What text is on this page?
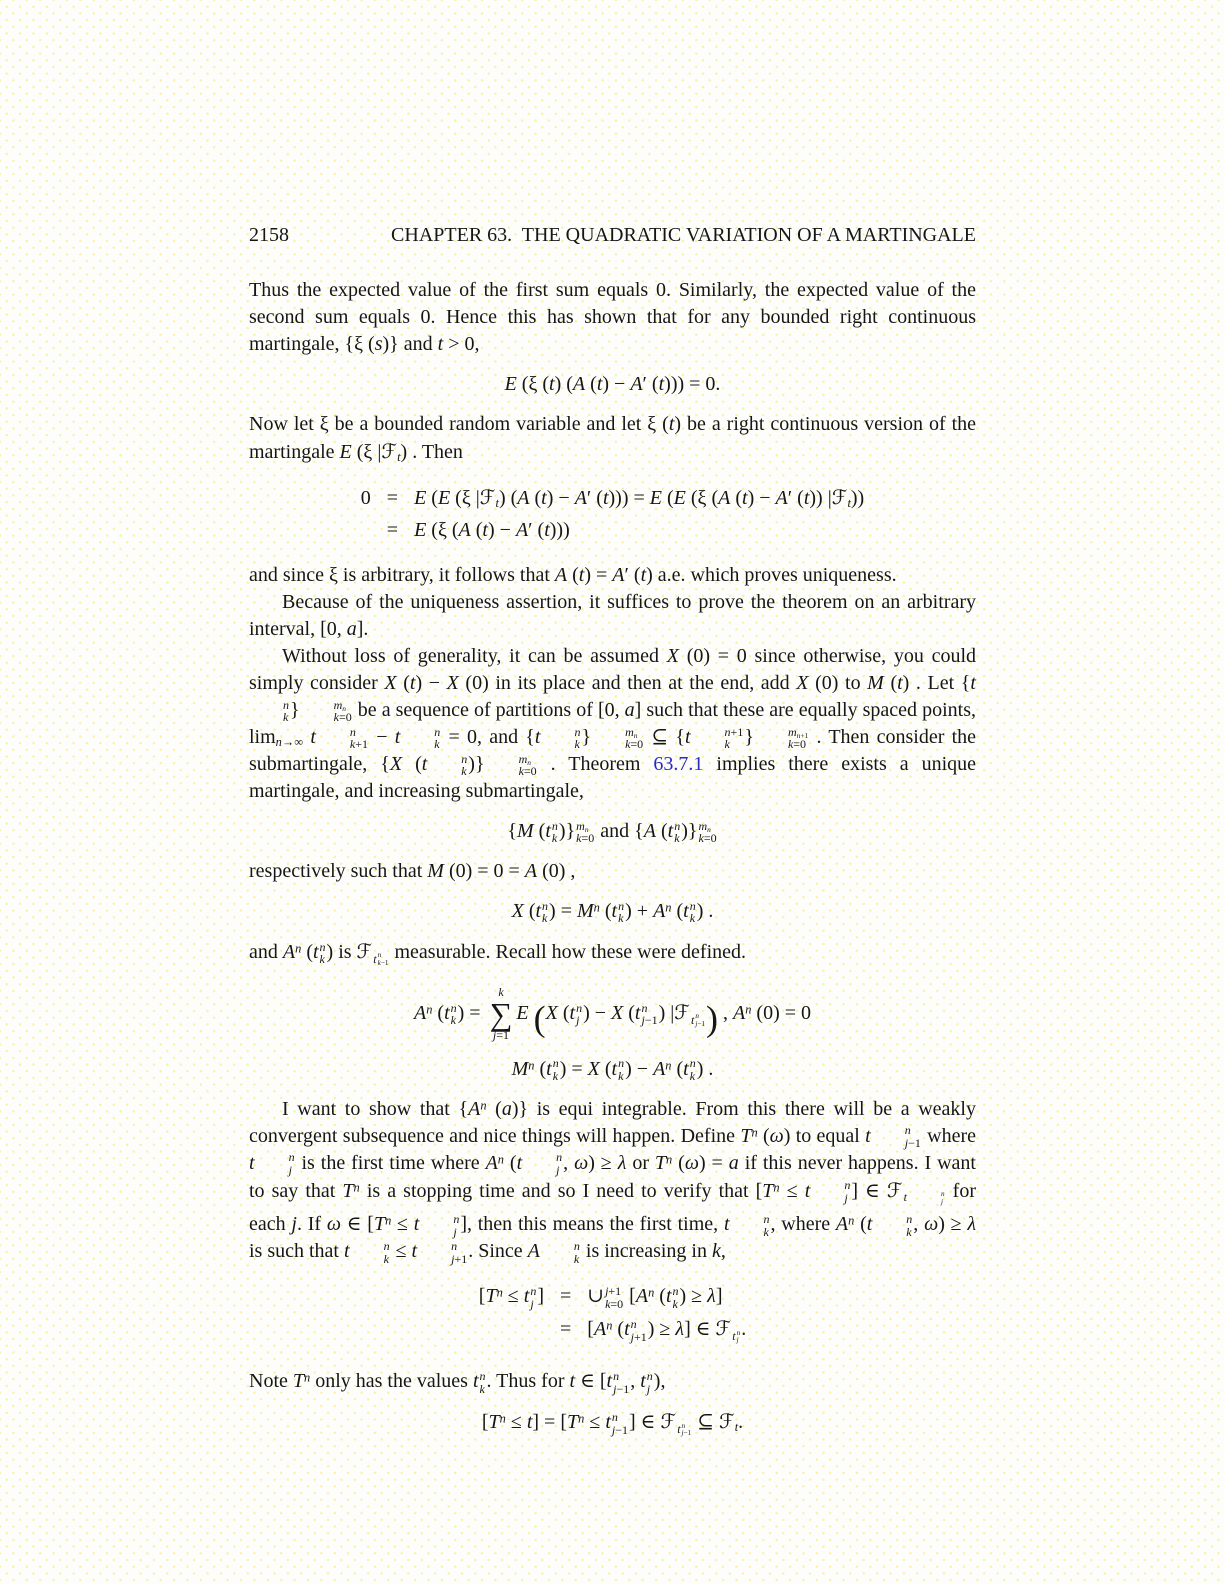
2158	CHAPTER 63.  THE QUADRATIC VARIATION OF A MARTINGALE
Thus the expected value of the first sum equals 0. Similarly, the expected value of the second sum equals 0. Hence this has shown that for any bounded right continuous martingale, {ξ (s)} and t > 0,
E (ξ (t) (A (t) − A′ (t))) = 0.
Now let ξ be a bounded random variable and let ξ (t) be a right continuous version of the martingale E (ξ |ℱ$_t$) . Then
0	=	E (E (ξ |ℱ$_t$) (A (t) − A′ (t))) = E (E (ξ (A (t) − A′ (t)) |ℱ$_t$))
	=	E (ξ (A (t) − A′ (t)))
and since ξ is arbitrary, it follows that A (t) = A′ (t) a.e. which proves uniqueness.
Because of the uniqueness assertion, it suffices to prove the theorem on an arbitrary interval, [0, a].
Without loss of generality, it can be assumed X (0) = 0 since otherwise, you could simply consider X (t) − X (0) in its place and then at the end, add X (0) to M (t) . Let {t
n
k }	$m_n$
k=0 be a sequence of partitions of [0, a] such that these are equally spaced points, $\lim_{n\to\infty} t$	n
k+1 − t	n
k = 0, and {t	n
k }	$m_n$
k=0 ⊆ {t	n+1
k }	$m_{n+1}$
k=0 . Then consider the submartingale, {X (t	n
k )}	$m_n$
k=0 . Theorem 63.7.1 implies there exists a unique martingale, and increasing submartingale,
{M (t n
k )} $m_n$
k=0 and {A (t n
k )} $m_n$
k=0
respectively such that M (0) = 0 = A (0) ,
X (t n
k ) = $M^n$ (t n
k ) + $A^n$ (t n
k ) .
and $A^n$ (t n
k ) is ℱ$_{t n k-1}$
measurable. Recall how these were defined.
$A^n$ (t n
k ) =
k
∑
j=1
E (X (t n
j ) − X (t n
j−1 ) |ℱ$_{t n j-1}$ ) , $A^n$ (0) = 0
$M^n$ (t n
k ) = X (t n
k ) − $A^n$ (t n
k ) .
I want to show that {$A^n$ (a)} is equi integrable. From this there will be a weakly convergent subsequence and nice things will happen. Define $T^n$ (ω) to equal t	n
j−1 where t	n
j is the first time where $A^n$ (t	n
j , ω) ≥ λ or $T^n$ (ω) = a if this never happens. I want to say that $T^n$ is a stopping time and so I need to verify that [$T^n \le t$	n
j ] ∈ ℱ$_{t n j}$
for each j. If ω ∈ [$T^n \le t$	n
j ], then this means the first time, t	n
k , where $A^n$ (t	n
k , ω) ≥ λ is such that t	n
k ≤ t	n
j+1 . Since A	n
k is increasing in k,
[$T^n \le t$ n
j ]	=	∪ j+1
k=0 [$A^n$ (t n
k ) ≥ λ]
	=	[$A^n$ (t n
j+1 ) ≥ λ] ∈ ℱ$_{t n j}$
.
Note $T^n$ only has the values t n
k . Thus for t ∈ [t n
j−1 , t n
j ),
$[T^n \le t] = [T^n \le t$ n
j−1 ] ∈ ℱ$_{t n j-1}$
⊆ ℱ$_t$.
